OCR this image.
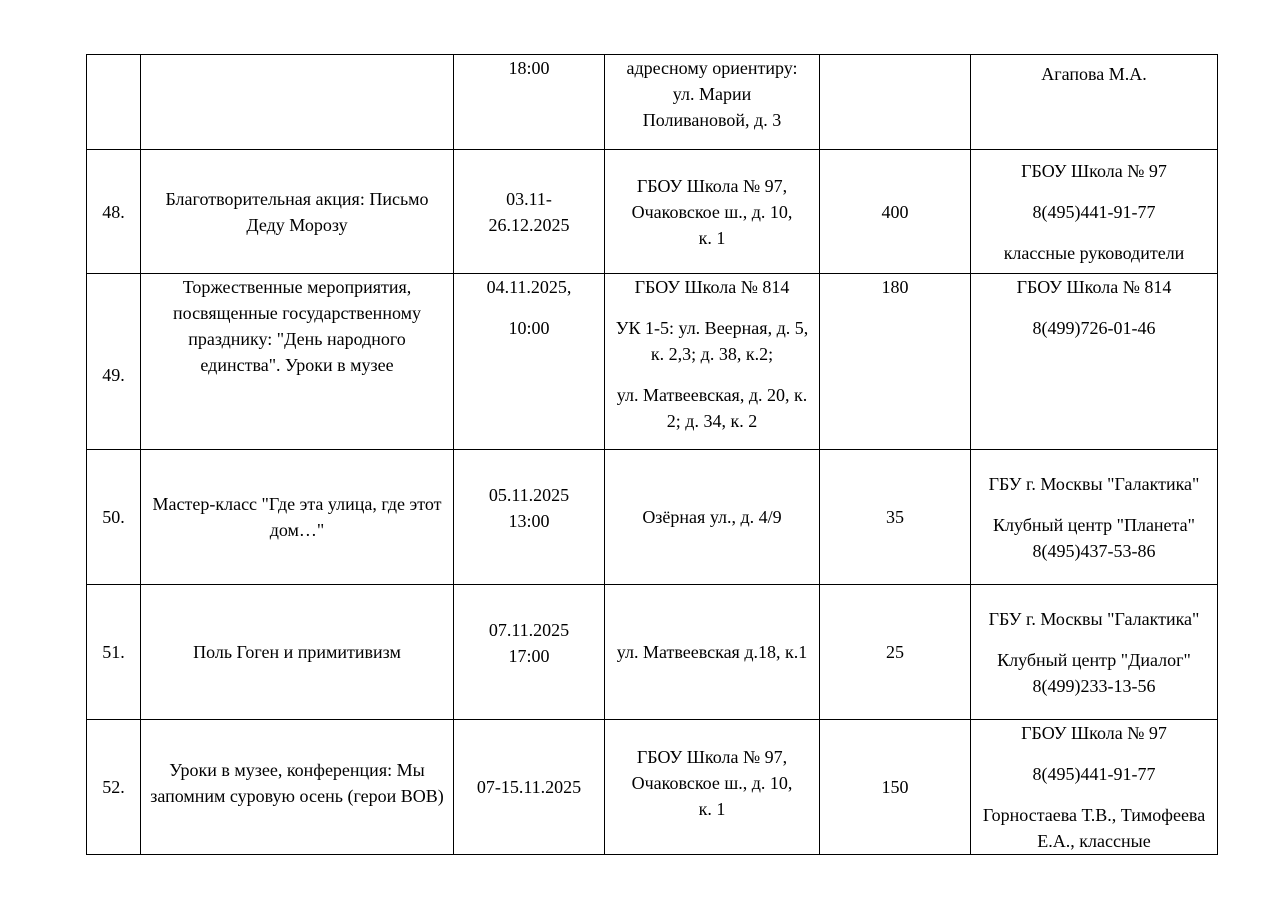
		18:00	адресному ориентиру:
ул. Марии
Поливановой, д. 3		Агапова М.А.

48.	Благотворительная акция: Письмо Деду Морозу	03.11-
26.12.2025	ГБОУ Школа № 97,
Очаковское ш., д. 10,
к. 1	400	ГБОУ Школа № 97
8(495)441-91-77
классные руководители

49.	Торжественные мероприятия, посвященные государственному празднику: "День народного единства". Уроки в музее	04.11.2025,
10:00	ГБОУ Школа № 814
УК 1-5: ул. Веерная, д. 5, к. 2,3; д. 38, к.2;
ул. Матвеевская, д. 20, к. 2; д. 34, к. 2	180	ГБОУ Школа № 814
8(499)726-01-46

50.	Мастер-класс "Где эта улица, где этот дом…"	05.11.2025
13:00	Озёрная ул., д. 4/9	35	ГБУ г. Москвы "Галактика"
Клубный центр "Планета" 8(495)437-53-86

51.	Поль Гоген и примитивизм	07.11.2025
17:00	ул. Матвеевская д.18, к.1	25	ГБУ г. Москвы "Галактика"
Клубный центр "Диалог" 8(499)233-13-56

52.	Уроки в музее, конференция: Мы запомним суровую осень (герои ВОВ)	07-15.11.2025	ГБОУ Школа № 97,
Очаковское ш., д. 10,
к. 1	150	ГБОУ Школа № 97
8(495)441-91-77
Горностаева Т.В., Тимофеева Е.А., классные
